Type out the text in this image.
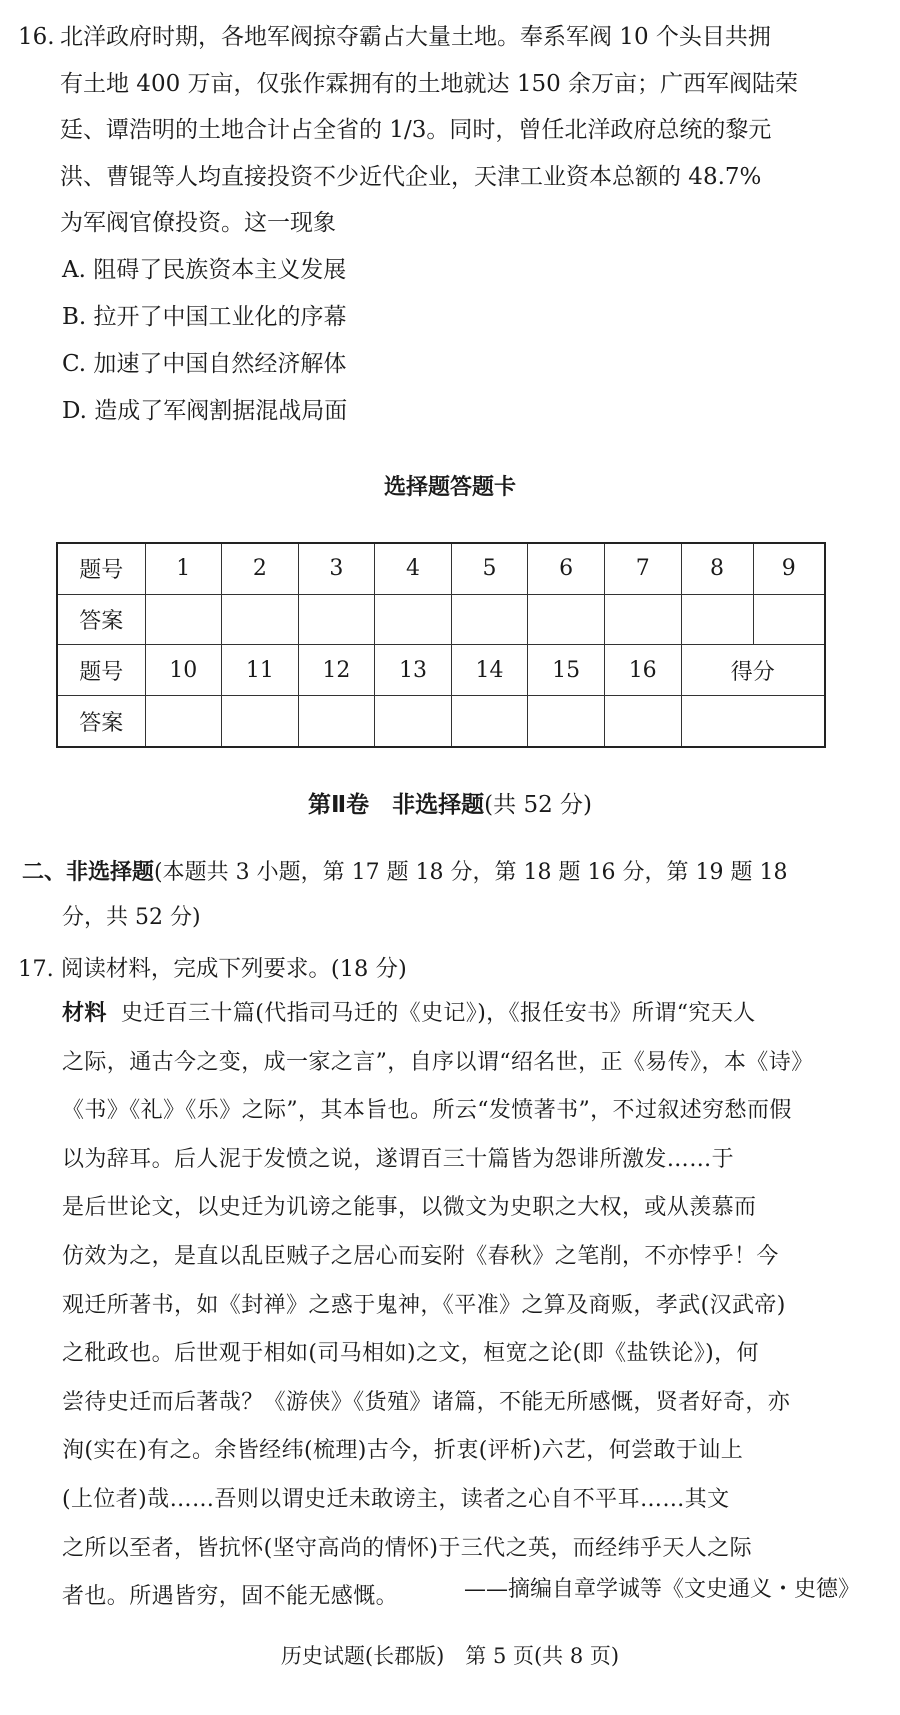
16. 北洋政府时期，各地军阀掠夺霸占大量土地。奉系军阀 10 个头目共拥
有土地 400 万亩，仅张作霖拥有的土地就达 150 余万亩；广西军阀陆荣
廷、谭浩明的土地合计占全省的 1/3。同时，曾任北洋政府总统的黎元
洪、曹锟等人均直接投资不少近代企业，天津工业资本总额的 48.7%
为军阀官僚投资。这一现象
A. 阻碍了民族资本主义发展
B. 拉开了中国工业化的序幕
C. 加速了中国自然经济解体
D. 造成了军阀割据混战局面
选择题答题卡
题号	1	2	3	4	5	6	7	8	9
答案									
题号	10	11	12	13	14	15	16	得分	
答案									
第Ⅱ卷　非选择题(共 52 分)
二、非选择题(本题共 3 小题，第 17 题 18 分，第 18 题 16 分，第 19 题 18
分，共 52 分)
17. 阅读材料，完成下列要求。(18 分)
材料 史迁百三十篇(代指司马迁的《史记》)，《报任安书》所谓“究天人
之际，通古今之变，成一家之言”，自序以谓“绍名世，正《易传》，本《诗》
《书》《礼》《乐》之际”，其本旨也。所云“发愤著书”，不过叙述穷愁而假
以为辞耳。后人泥于发愤之说，遂谓百三十篇皆为怨诽所激发……于
是后世论文，以史迁为讥谤之能事，以微文为史职之大权，或从羡慕而
仿效为之，是直以乱臣贼子之居心而妄附《春秋》之笔削，不亦悖乎！今
观迁所著书，如《封禅》之惑于鬼神，《平准》之算及商贩，孝武(汉武帝)
之秕政也。后世观于相如(司马相如)之文，桓宽之论(即《盐铁论》)，何
尝待史迁而后著哉？《游侠》《货殖》诸篇，不能无所感慨，贤者好奇，亦
洵(实在)有之。余皆经纬(梳理)古今，折衷(评析)六艺，何尝敢于讪上
(上位者)哉……吾则以谓史迁未敢谤主，读者之心自不平耳……其文
之所以至者，皆抗怀(坚守高尚的情怀)于三代之英，而经纬乎天人之际
者也。所遇皆穷，固不能无感慨。	——摘编自章学诚等《文史通义・史德》
历史试题(长郡版)　第 5 页(共 8 页)
